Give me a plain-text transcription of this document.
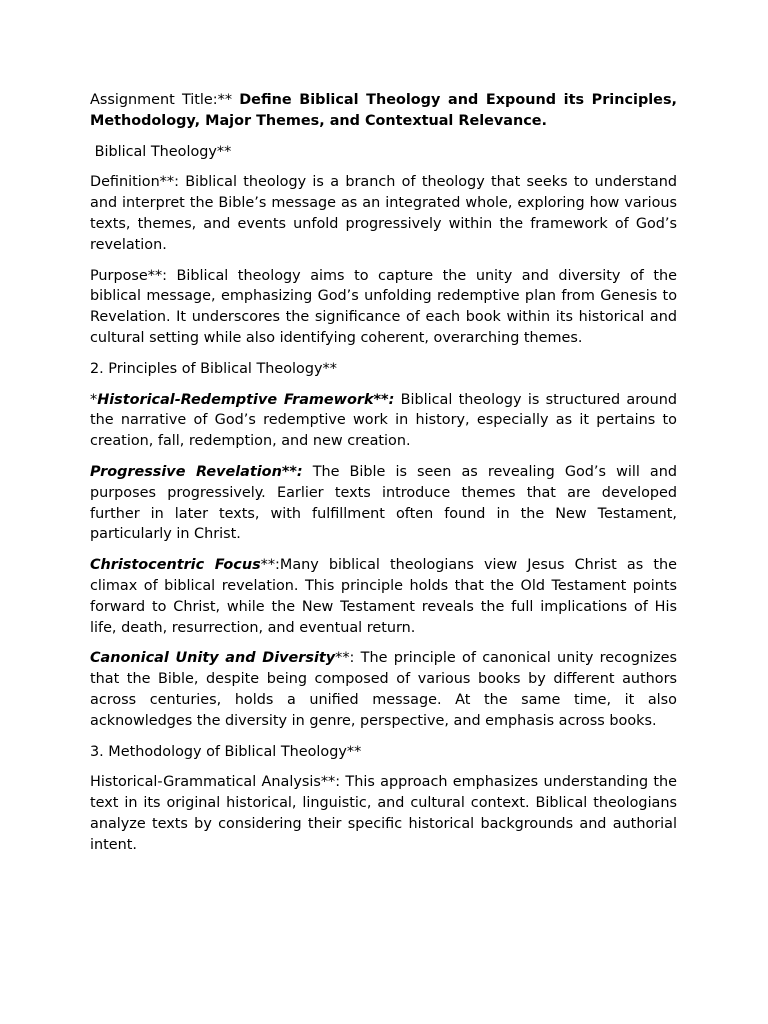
Assignment Title:** Define Biblical Theology and Expound its Principles, Methodology, Major Themes, and Contextual Relevance.

Biblical Theology**

Definition**: Biblical theology is a branch of theology that seeks to understand and interpret the Bible’s message as an integrated whole, exploring how various texts, themes, and events unfold progressively within the framework of God’s revelation.

Purpose**: Biblical theology aims to capture the unity and diversity of the biblical message, emphasizing God’s unfolding redemptive plan from Genesis to Revelation. It underscores the significance of each book within its historical and cultural setting while also identifying coherent, overarching themes.

2. Principles of Biblical Theology**

*Historical-Redemptive Framework**: Biblical theology is structured around the narrative of God’s redemptive work in history, especially as it pertains to creation, fall, redemption, and new creation.

Progressive Revelation**: The Bible is seen as revealing God’s will and purposes progressively. Earlier texts introduce themes that are developed further in later texts, with fulfillment often found in the New Testament, particularly in Christ.

Christocentric Focus**:Many biblical theologians view Jesus Christ as the climax of biblical revelation. This principle holds that the Old Testament points forward to Christ, while the New Testament reveals the full implications of His life, death, resurrection, and eventual return.

Canonical Unity and Diversity**: The principle of canonical unity recognizes that the Bible, despite being composed of various books by different authors across centuries, holds a unified message. At the same time, it also acknowledges the diversity in genre, perspective, and emphasis across books.

3. Methodology of Biblical Theology**

Historical-Grammatical Analysis**: This approach emphasizes understanding the text in its original historical, linguistic, and cultural context. Biblical theologians analyze texts by considering their specific historical backgrounds and authorial intent.
